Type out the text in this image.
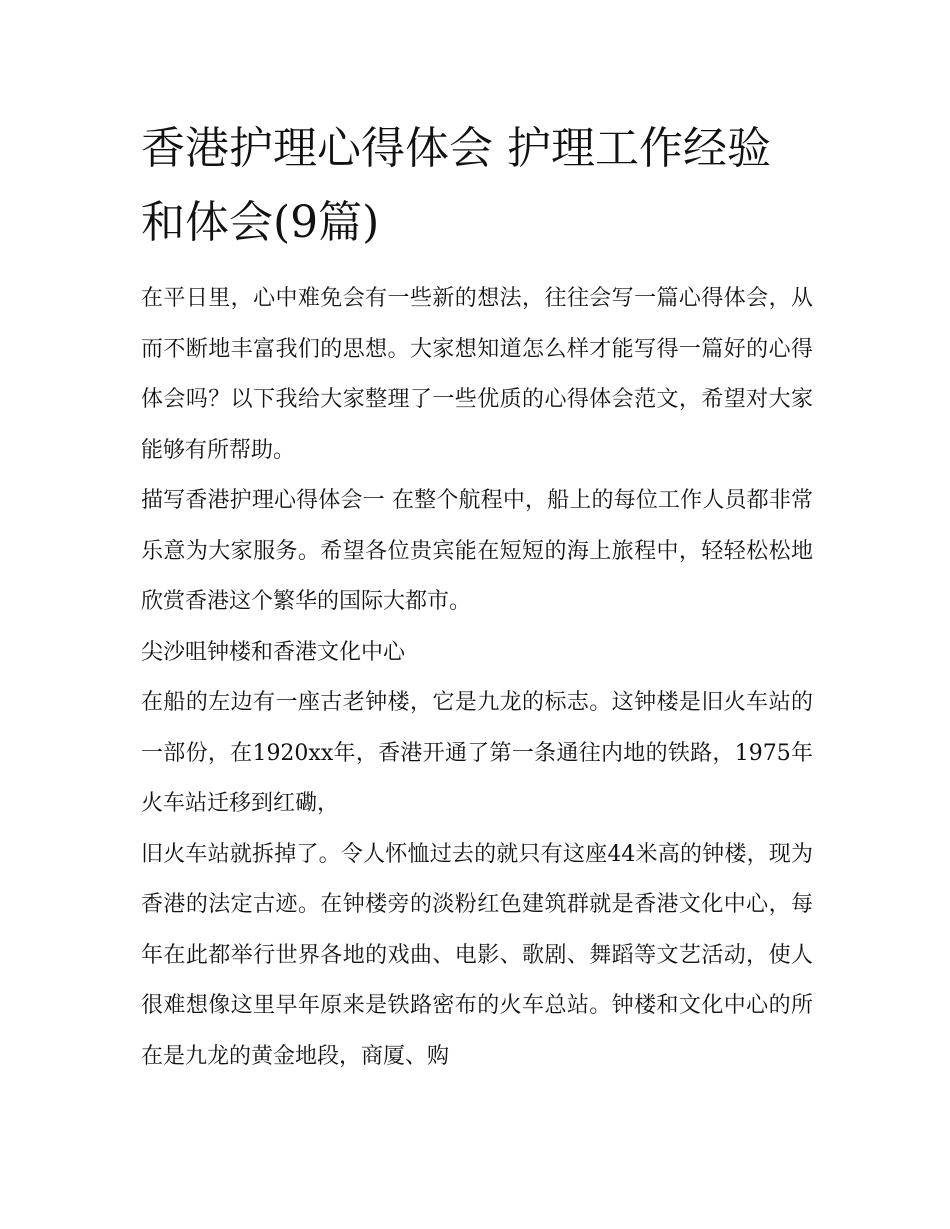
香港护理心得体会 护理工作经验和体会(9篇)

在平日里，心中难免会有一些新的想法，往往会写一篇心得体会，从而不断地丰富我们的思想。大家想知道怎么样才能写得一篇好的心得体会吗？以下我给大家整理了一些优质的心得体会范文，希望对大家能够有所帮助。

描写香港护理心得体会一 在整个航程中，船上的每位工作人员都非常乐意为大家服务。希望各位贵宾能在短短的海上旅程中，轻轻松松地欣赏香港这个繁华的国际大都市。

尖沙咀钟楼和香港文化中心

在船的左边有一座古老钟楼，它是九龙的标志。这钟楼是旧火车站的一部份，在1920xx年，香港开通了第一条通往内地的铁路，1975年火车站迁移到红磡，

旧火车站就拆掉了。令人怀恤过去的就只有这座44米高的钟楼，现为香港的法定古迹。在钟楼旁的淡粉红色建筑群就是香港文化中心，每年在此都举行世界各地的戏曲、电影、歌剧、舞蹈等文艺活动，使人很难想像这里早年原来是铁路密布的火车总站。钟楼和文化中心的所在是九龙的黄金地段，商厦、购
